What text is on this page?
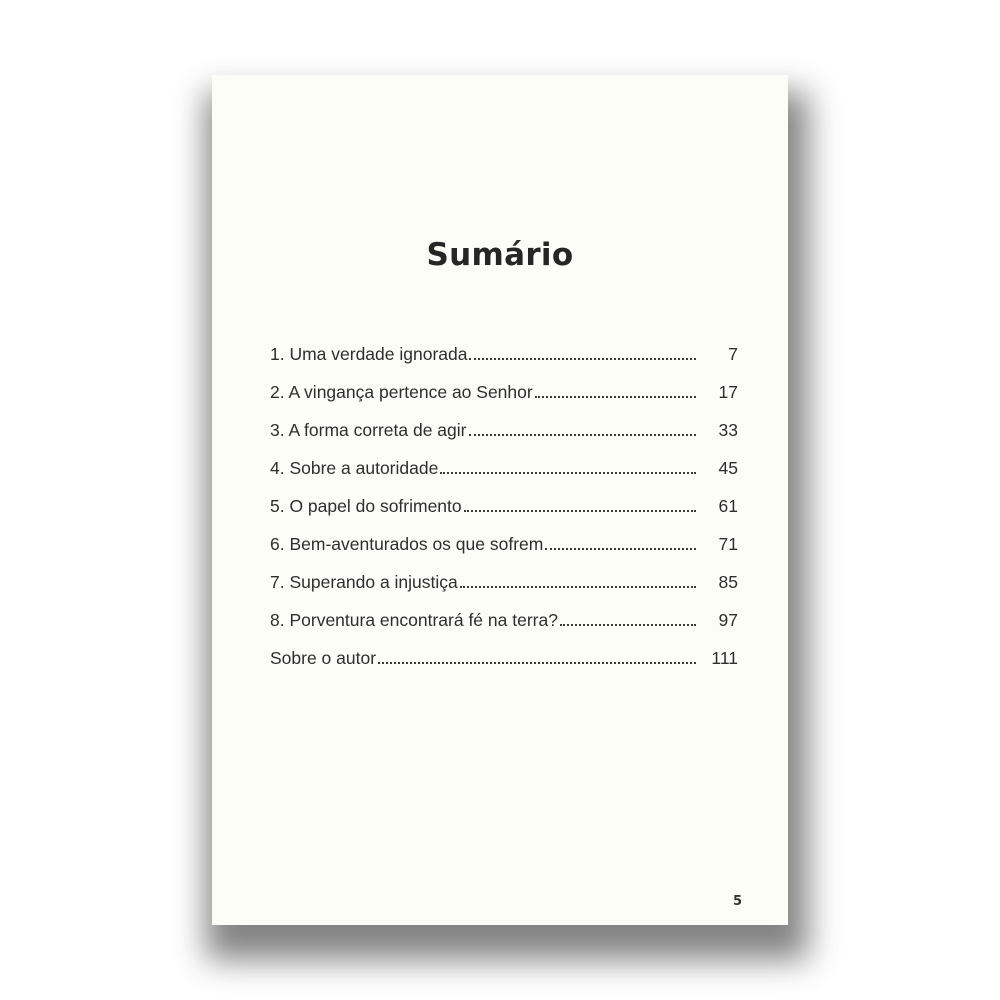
Sumário
1. Uma verdade ignorada	7
2. A vingança pertence ao Senhor	17
3. A forma correta de agir	33
4. Sobre a autoridade	45
5. O papel do sofrimento	61
6. Bem-aventurados os que sofrem	71
7. Superando a injustiça	85
8. Porventura encontrará fé na terra?	97
Sobre o autor	111
5
